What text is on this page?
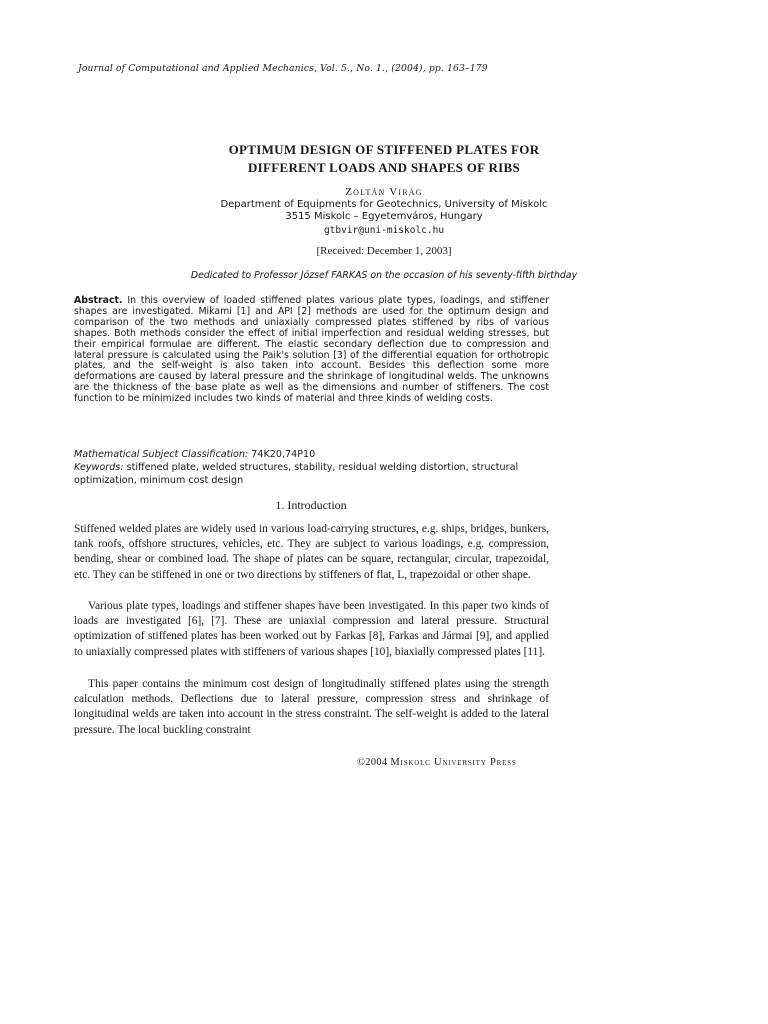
Journal of Computational and Applied Mechanics, Vol. 5., No. 1., (2004), pp. 163–179
OPTIMUM DESIGN OF STIFFENED PLATES FOR
DIFFERENT LOADS AND SHAPES OF RIBS
Zoltán Virág
Department of Equipments for Geotechnics, University of Miskolc
3515 Miskolc – Egyetemváros, Hungary
gtbvir@uni-miskolc.hu
[Received: December 1, 2003]
Dedicated to Professor József FARKAS on the occasion of his seventy-fifth birthday
Abstract. In this overview of loaded stiffened plates various plate types, loadings, and stiffener shapes are investigated. Mikami [1] and API [2] methods are used for the optimum design and comparison of the two methods and uniaxially compressed plates stiffened by ribs of various shapes. Both methods consider the effect of initial imperfection and residual welding stresses, but their empirical formulae are different. The elastic secondary deflection due to compression and lateral pressure is calculated using the Paik's solution [3] of the differential equation for orthotropic plates, and the self-weight is also taken into account. Besides this deflection some more deformations are caused by lateral pressure and the shrinkage of longitudinal welds. The unknowns are the thickness of the base plate as well as the dimensions and number of stiffeners. The cost function to be minimized includes two kinds of material and three kinds of welding costs.
Mathematical Subject Classification: 74K20,74P10
Keywords: stiffened plate, welded structures, stability, residual welding distortion, structural optimization, minimum cost design
1. Introduction
Stiffened welded plates are widely used in various load-carrying structures, e.g. ships, bridges, bunkers, tank roofs, offshore structures, vehicles, etc. They are subject to various loadings, e.g. compression, bending, shear or combined load. The shape of plates can be square, rectangular, circular, trapezoidal, etc. They can be stiffened in one or two directions by stiffeners of flat, L, trapezoidal or other shape.
Various plate types, loadings and stiffener shapes have been investigated. In this paper two kinds of loads are investigated [6], [7]. These are uniaxial compression and lateral pressure. Structural optimization of stiffened plates has been worked out by Farkas [8], Farkas and Jármai [9], and applied to uniaxially compressed plates with stiffeners of various shapes [10], biaxially compressed plates [11].
This paper contains the minimum cost design of longitudinally stiffened plates using the strength calculation methods. Deflections due to lateral pressure, compression stress and shrinkage of longitudinal welds are taken into account in the stress constraint. The self-weight is added to the lateral pressure. The local buckling constraint
©2004 Miskolc University Press
